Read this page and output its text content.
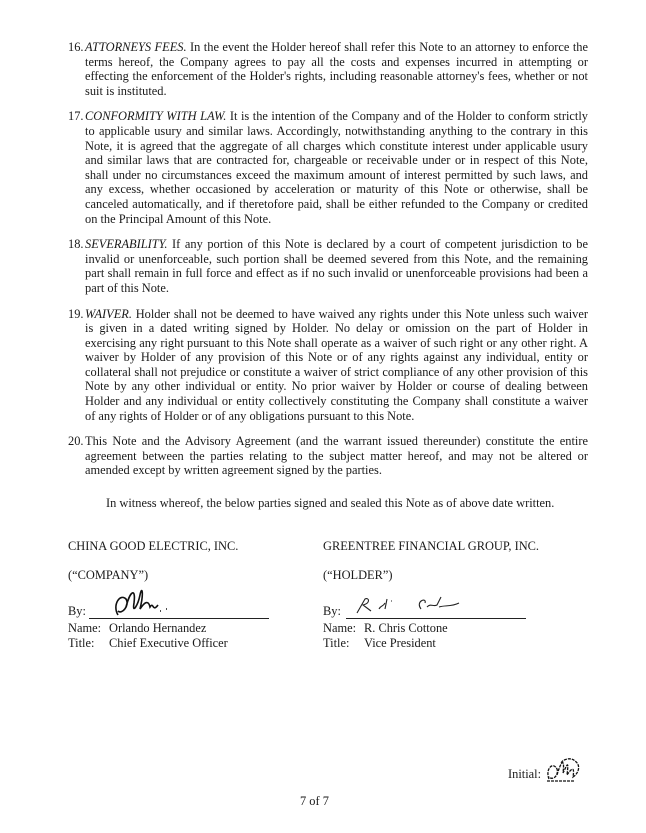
16. ATTORNEYS FEES. In the event the Holder hereof shall refer this Note to an attorney to enforce the terms hereof, the Company agrees to pay all the costs and expenses incurred in attempting or effecting the enforcement of the Holder's rights, including reasonable attorney's fees, whether or not suit is instituted.
17. CONFORMITY WITH LAW. It is the intention of the Company and of the Holder to conform strictly to applicable usury and similar laws. Accordingly, notwithstanding anything to the contrary in this Note, it is agreed that the aggregate of all charges which constitute interest under applicable usury and similar laws that are contracted for, chargeable or receivable under or in respect of this Note, shall under no circumstances exceed the maximum amount of interest permitted by such laws, and any excess, whether occasioned by acceleration or maturity of this Note or otherwise, shall be canceled automatically, and if theretofore paid, shall be either refunded to the Company or credited on the Principal Amount of this Note.
18. SEVERABILITY. If any portion of this Note is declared by a court of competent jurisdiction to be invalid or unenforceable, such portion shall be deemed severed from this Note, and the remaining part shall remain in full force and effect as if no such invalid or unenforceable provisions had been a part of this Note.
19. WAIVER. Holder shall not be deemed to have waived any rights under this Note unless such waiver is given in a dated writing signed by Holder. No delay or omission on the part of Holder in exercising any right pursuant to this Note shall operate as a waiver of such right or any other right. A waiver by Holder of any provision of this Note or of any rights against any individual, entity or collateral shall not prejudice or constitute a waiver of strict compliance of any other provision of this Note by any other individual or entity. No prior waiver by Holder or course of dealing between Holder and any individual or entity collectively constituting the Company shall constitute a waiver of any rights of Holder or of any obligations pursuant to this Note.
20. This Note and the Advisory Agreement (and the warrant issued thereunder) constitute the entire agreement between the parties relating to the subject matter hereof, and may not be altered or amended except by written agreement signed by the parties.
In witness whereof, the below parties signed and sealed this Note as of above date written.
CHINA GOOD ELECTRIC, INC.
(“COMPANY”)
By:
Name: Orlando Hernandez
Title: Chief Executive Officer
GREENTREE FINANCIAL GROUP, INC.
(“HOLDER”)
By:
Name: R. Chris Cottone
Title: Vice President
Initial:
7 of 7
